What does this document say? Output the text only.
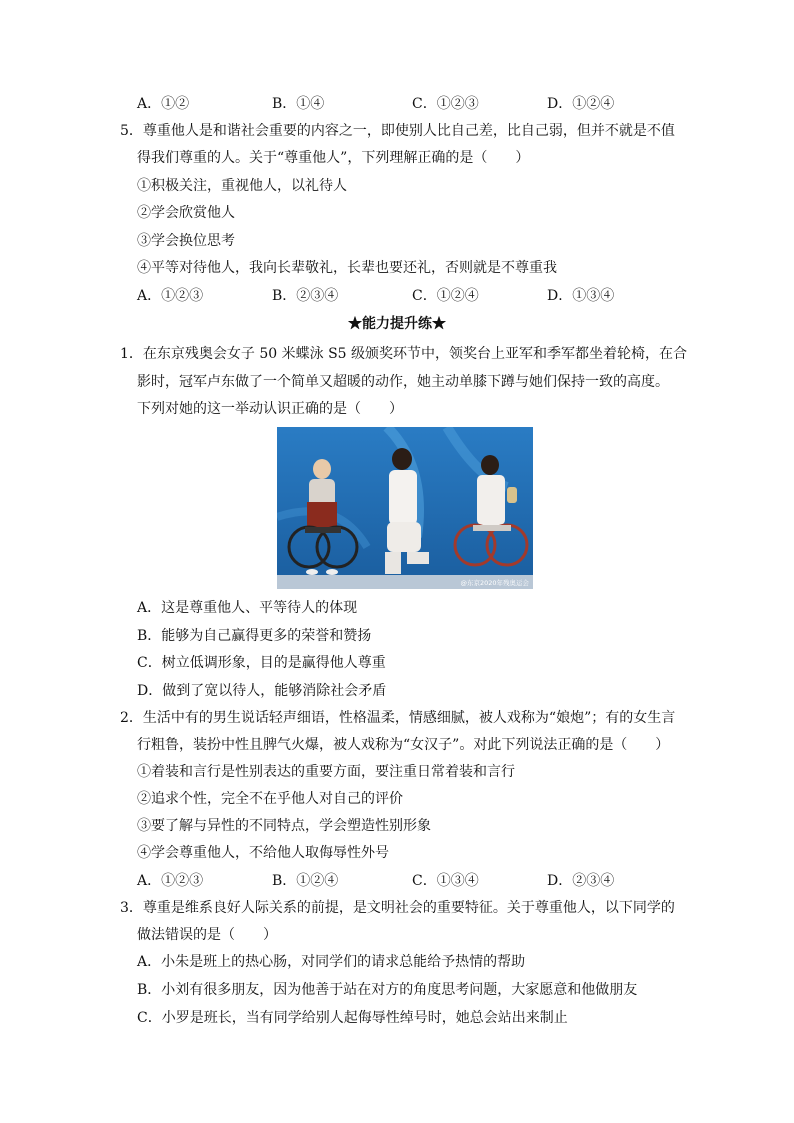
A．①②	B．①④	C．①②③	D．①②④
5．尊重他人是和谐社会重要的内容之一，即使别人比自己差，比自己弱，但并不就是不值
得我们尊重的人。关于“尊重他人”，下列理解正确的是（　　）
①积极关注，重视他人，以礼待人
②学会欣赏他人
③学会换位思考
④平等对待他人，我向长辈敬礼，长辈也要还礼，否则就是不尊重我
A．①②③	B．②③④	C．①②④	D．①③④
★能力提升练★
1．在东京残奥会女子 50 米蝶泳 S5 级颁奖环节中，领奖台上亚军和季军都坐着轮椅，在合
影时，冠军卢东做了一个简单又超暖的动作，她主动单膝下蹲与她们保持一致的高度。
下列对她的这一举动认识正确的是（　　）
@东京2020年残奥运会
A．这是尊重他人、平等待人的体现
B．能够为自己赢得更多的荣誉和赞扬
C．树立低调形象，目的是赢得他人尊重
D．做到了宽以待人，能够消除社会矛盾
2．生活中有的男生说话轻声细语，性格温柔，情感细腻，被人戏称为“娘炮”；有的女生言
行粗鲁，装扮中性且脾气火爆，被人戏称为“女汉子”。对此下列说法正确的是（　　）
①着装和言行是性别表达的重要方面，要注重日常着装和言行
②追求个性，完全不在乎他人对自己的评价
③要了解与异性的不同特点，学会塑造性别形象
④学会尊重他人，不给他人取侮辱性外号
A．①②③	B．①②④	C．①③④	D．②③④
3．尊重是维系良好人际关系的前提，是文明社会的重要特征。关于尊重他人，以下同学的
做法错误的是（　　）
A．小朱是班上的热心肠，对同学们的请求总能给予热情的帮助
B．小刘有很多朋友，因为他善于站在对方的角度思考问题，大家愿意和他做朋友
C．小罗是班长，当有同学给别人起侮辱性绰号时，她总会站出来制止
